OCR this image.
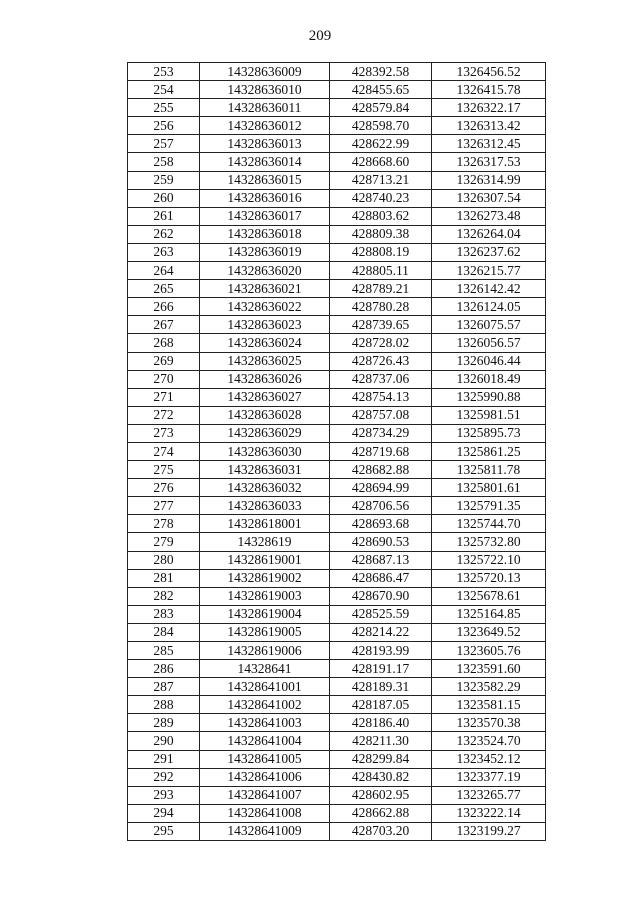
209
253	14328636009	428392.58	1326456.52
254	14328636010	428455.65	1326415.78
255	14328636011	428579.84	1326322.17
256	14328636012	428598.70	1326313.42
257	14328636013	428622.99	1326312.45
258	14328636014	428668.60	1326317.53
259	14328636015	428713.21	1326314.99
260	14328636016	428740.23	1326307.54
261	14328636017	428803.62	1326273.48
262	14328636018	428809.38	1326264.04
263	14328636019	428808.19	1326237.62
264	14328636020	428805.11	1326215.77
265	14328636021	428789.21	1326142.42
266	14328636022	428780.28	1326124.05
267	14328636023	428739.65	1326075.57
268	14328636024	428728.02	1326056.57
269	14328636025	428726.43	1326046.44
270	14328636026	428737.06	1326018.49
271	14328636027	428754.13	1325990.88
272	14328636028	428757.08	1325981.51
273	14328636029	428734.29	1325895.73
274	14328636030	428719.68	1325861.25
275	14328636031	428682.88	1325811.78
276	14328636032	428694.99	1325801.61
277	14328636033	428706.56	1325791.35
278	14328618001	428693.68	1325744.70
279	14328619	428690.53	1325732.80
280	14328619001	428687.13	1325722.10
281	14328619002	428686.47	1325720.13
282	14328619003	428670.90	1325678.61
283	14328619004	428525.59	1325164.85
284	14328619005	428214.22	1323649.52
285	14328619006	428193.99	1323605.76
286	14328641	428191.17	1323591.60
287	14328641001	428189.31	1323582.29
288	14328641002	428187.05	1323581.15
289	14328641003	428186.40	1323570.38
290	14328641004	428211.30	1323524.70
291	14328641005	428299.84	1323452.12
292	14328641006	428430.82	1323377.19
293	14328641007	428602.95	1323265.77
294	14328641008	428662.88	1323222.14
295	14328641009	428703.20	1323199.27
